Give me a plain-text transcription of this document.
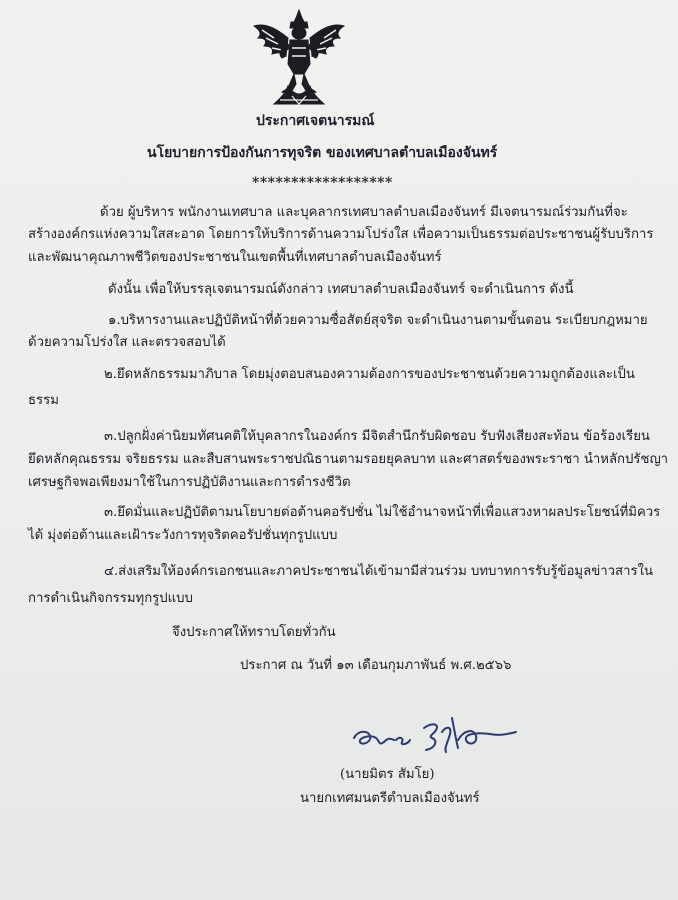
ประกาศเจตนารมณ์
นโยบายการป้องกันการทุจริต ของเทศบาลตำบลเมืองจันทร์
******************
ด้วย ผู้บริหาร พนักงานเทศบาล และบุคลากรเทศบาลตำบลเมืองจันทร์ มีเจตนารมณ์ร่วมกันที่จะ
สร้างองค์กรแห่งความใสสะอาด โดยการให้บริการด้านความโปร่งใส เพื่อความเป็นธรรมต่อประชาชนผู้รับบริการ
และพัฒนาคุณภาพชีวิตของประชาชนในเขตพื้นที่เทศบาลตำบลเมืองจันทร์
ดังนั้น เพื่อให้บรรลุเจตนารมณ์ดังกล่าว เทศบาลตำบลเมืองจันทร์ จะดำเนินการ ดังนี้
๑.บริหารงานและปฏิบัติหน้าที่ด้วยความซื่อสัตย์สุจริต จะดำเนินงานตามขั้นตอน ระเบียบกฎหมาย
ด้วยความโปร่งใส และตรวจสอบได้
๒.ยึดหลักธรรมมาภิบาล โดยมุ่งตอบสนองความต้องการของประชาชนด้วยความถูกต้องและเป็น
ธรรม
๓.ปลูกฝั่งค่านิยมทัศนคติให้บุคลากรในองค์กร มีจิตสำนึกรับผิดชอบ รับฟังเสียงสะท้อน ข้อร้องเรียน
ยึดหลักคุณธรรม จริยธรรม และสืบสานพระราชปณิธานตามรอยยุคลบาท และศาสตร์ของพระราชา นำหลักปรัชญา
เศรษฐกิจพอเพียงมาใช้ในการปฏิบัติงานและการดำรงชีวิต
๓.ยึดมั่นและปฏิบัติตามนโยบายต่อต้านคอรัปชั่น ไม่ใช้อำนาจหน้าที่เพื่อแสวงหาผลประโยชน์ที่มิควร
ได้ มุ่งต่อต้านและเฝ้าระวังการทุจริตคอรัปชั่นทุกรูปแบบ
๔.ส่งเสริมให้องค์กรเอกชนและภาคประชาชนได้เข้ามามีส่วนร่วม บทบาทการรับรู้ข้อมูลข่าวสารใน
การดำเนินกิจกรรมทุกรูปแบบ
จึงประกาศให้ทราบโดยทั่วกัน
ประกาศ ณ วันที่ ๑๓ เดือนกุมภาพันธ์ พ.ศ.๒๕๖๖
(นายมิตร สัมโย)
นายกเทศมนตรีตำบลเมืองจันทร์
